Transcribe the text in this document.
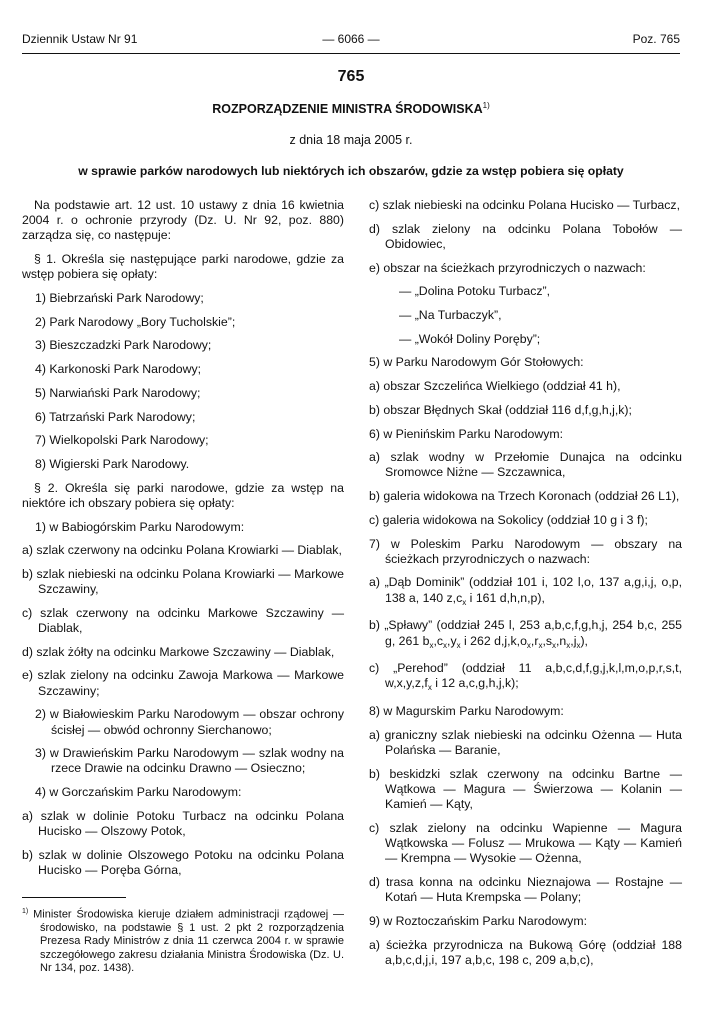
Dziennik Ustaw Nr 91	— 6066 —	Poz. 765
765
ROZPORZĄDZENIE MINISTRA ŚRODOWISKA$^{1)}$
z dnia 18 maja 2005 r.
w sprawie parków narodowych lub niektórych ich obszarów, gdzie za wstęp pobiera się opłaty

Na podstawie art. 12 ust. 10 ustawy z dnia 16 kwietnia 2004 r. o ochronie przyrody (Dz. U. Nr 92, poz. 880) zarządza się, co następuje:

§ 1. Określa się następujące parki narodowe, gdzie za wstęp pobiera się opłaty:

1) Biebrzański Park Narodowy;

2) Park Narodowy „Bory Tucholskie”;

3) Bieszczadzki Park Narodowy;

4) Karkonoski Park Narodowy;

5) Narwiański Park Narodowy;

6) Tatrzański Park Narodowy;

7) Wielkopolski Park Narodowy;

8) Wigierski Park Narodowy.

§ 2. Określa się parki narodowe, gdzie za wstęp na niektóre ich obszary pobiera się opłaty:

1) w Babiogórskim Parku Narodowym:

a) szlak czerwony na odcinku Polana Krowiarki — Diablak,

b) szlak niebieski na odcinku Polana Krowiarki — Markowe Szczawiny,

c) szlak czerwony na odcinku Markowe Szczawiny — Diablak,

d) szlak żółty na odcinku Markowe Szczawiny — Diablak,

e) szlak zielony na odcinku Zawoja Markowa — Markowe Szczawiny;

2) w Białowieskim Parku Narodowym — obszar ochrony ścisłej — obwód ochronny Sierchanowo;

3) w Drawieńskim Parku Narodowym — szlak wodny na rzece Drawie na odcinku Drawno — Osieczno;

4) w Gorczańskim Parku Narodowym:

a) szlak w dolinie Potoku Turbacz na odcinku Polana Hucisko — Olszowy Potok,

b) szlak w dolinie Olszowego Potoku na odcinku Polana Hucisko — Poręba Górna,

$^{1)}$ Minister Środowiska kieruje działem administracji rządowej — środowisko, na podstawie § 1 ust. 2 pkt 2 rozporządzenia Prezesa Rady Ministrów z dnia 11 czerwca 2004 r. w sprawie szczegółowego zakresu działania Ministra Środowiska (Dz. U. Nr 134, poz. 1438).

c) szlak niebieski na odcinku Polana Hucisko — Turbacz,

d) szlak zielony na odcinku Polana Tobołów — Obidowiec,

e) obszar na ścieżkach przyrodniczych o nazwach:

— „Dolina Potoku Turbacz”,

— „Na Turbaczyk”,

— „Wokół Doliny Poręby”;

5) w Parku Narodowym Gór Stołowych:

a) obszar Szczelińca Wielkiego (oddział 41 h),

b) obszar Błędnych Skał (oddział 116 d,f,g,h,j,k);

6) w Pienińskim Parku Narodowym:

a) szlak wodny w Przełomie Dunajca na odcinku Sromowce Niżne — Szczawnica,

b) galeria widokowa na Trzech Koronach (oddział 26 L1),

c) galeria widokowa na Sokolicy (oddział 10 g i 3 f);

7) w Poleskim Parku Narodowym — obszary na ścieżkach przyrodniczych o nazwach:

a) „Dąb Dominik” (oddział 101 i, 102 l,o, 137 a,g,i,j, o,p, 138 a, 140 $z,c_x$ i 161 d,h,n,p),

b) „Spławy” (oddział 245 l, 253 a,b,c,f,g,h,j, 254 b,c, 255 g, 261 $b_x,c_x,y_x$ i 262 $d,j,k,o_x,r_x,s_x,n_x,j_x$),

c) „Perehod” (oddział 11 a,b,c,d,f,g,j,k,l,m,o,p,r,s,t, $w,x,y,z,f_x$ i 12 a,c,g,h,j,k);

8) w Magurskim Parku Narodowym:

a) graniczny szlak niebieski na odcinku Ożenna — Huta Polańska — Baranie,

b) beskidzki szlak czerwony na odcinku Bartne — Wątkowa — Magura — Świerzowa — Kolanin — Kamień — Kąty,

c) szlak zielony na odcinku Wapienne — Magura Wątkowska — Folusz — Mrukowa — Kąty — Kamień — Krempna — Wysokie — Ożenna,

d) trasa konna na odcinku Nieznajowa — Rostajne — Kotań — Huta Krempska — Polany;

9) w Roztoczańskim Parku Narodowym:

a) ścieżka przyrodnicza na Bukową Górę (oddział 188 a,b,c,d,j,i, 197 a,b,c, 198 c, 209 a,b,c),
